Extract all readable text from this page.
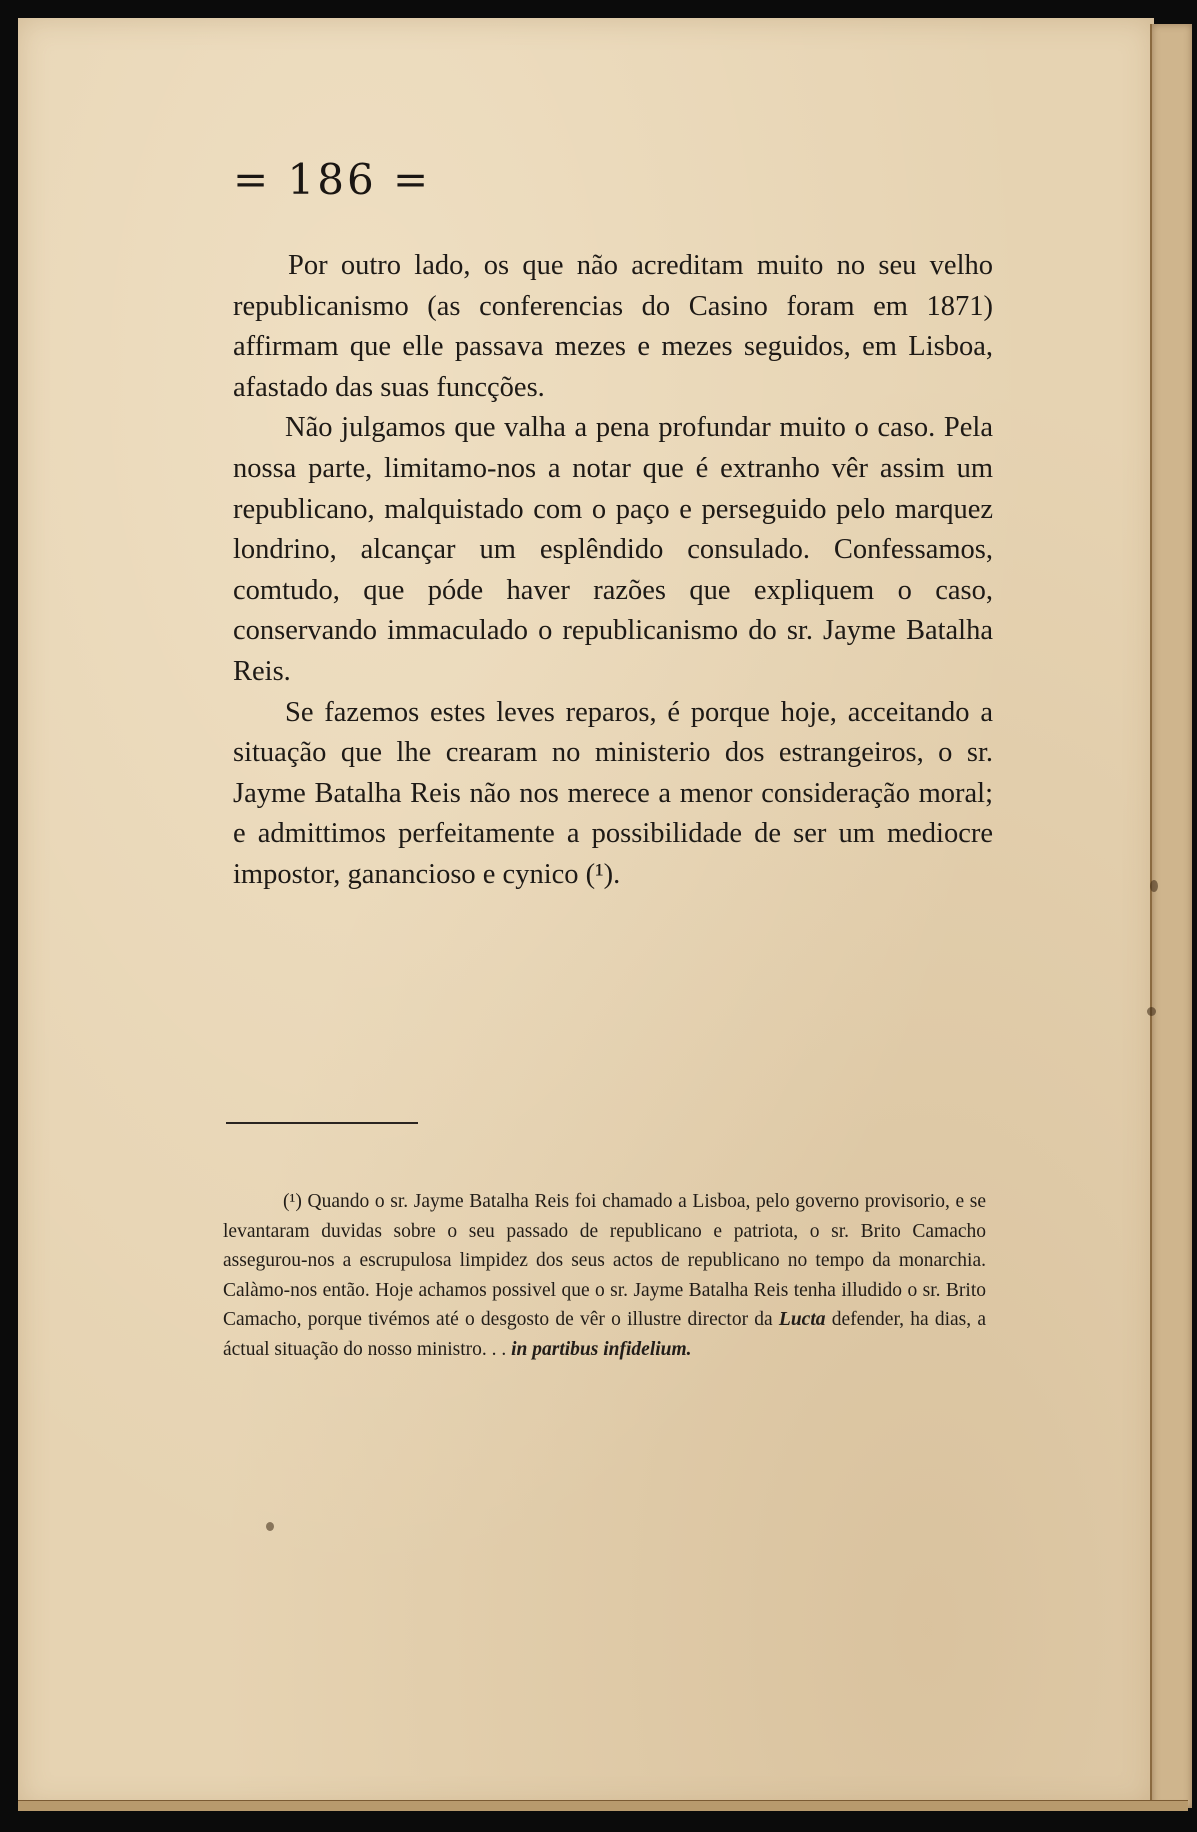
= 186 =

Por outro lado, os que não acreditam muito no seu velho republicanismo (as conferencias do Casino foram em 1871) affirmam que elle passava mezes e mezes seguidos, em Lisboa, afastado das suas funcções.

Não julgamos que valha a pena profundar muito o caso. Pela nossa parte, limitamo-nos a notar que é extranho vêr assim um republicano, malquistado com o paço e perseguido pelo marquez londrino, alcançar um esplêndido consulado. Confessamos, comtudo, que póde haver razões que expliquem o caso, conservando immaculado o republicanismo do sr. Jayme Batalha Reis.

Se fazemos estes leves reparos, é porque hoje, acceitando a situação que lhe crearam no ministerio dos estrangeiros, o sr. Jayme Batalha Reis não nos merece a menor consideração moral; e admittimos perfeitamente a possibilidade de ser um mediocre impostor, ganancioso e cynico (¹).

(¹) Quando o sr. Jayme Batalha Reis foi chamado a Lisboa, pelo governo provisorio, e se levantaram duvidas sobre o seu passado de republicano e patriota, o sr. Brito Camacho assegurou-nos a escrupulosa limpidez dos seus actos de republicano no tempo da monarchia. Calàmo-nos então. Hoje achamos possivel que o sr. Jayme Batalha Reis tenha illudido o sr. Brito Camacho, porque tivémos até o desgosto de vêr o illustre director da Lucta defender, ha dias, a áctual situação do nosso ministro. . . in partibus infidelium.
